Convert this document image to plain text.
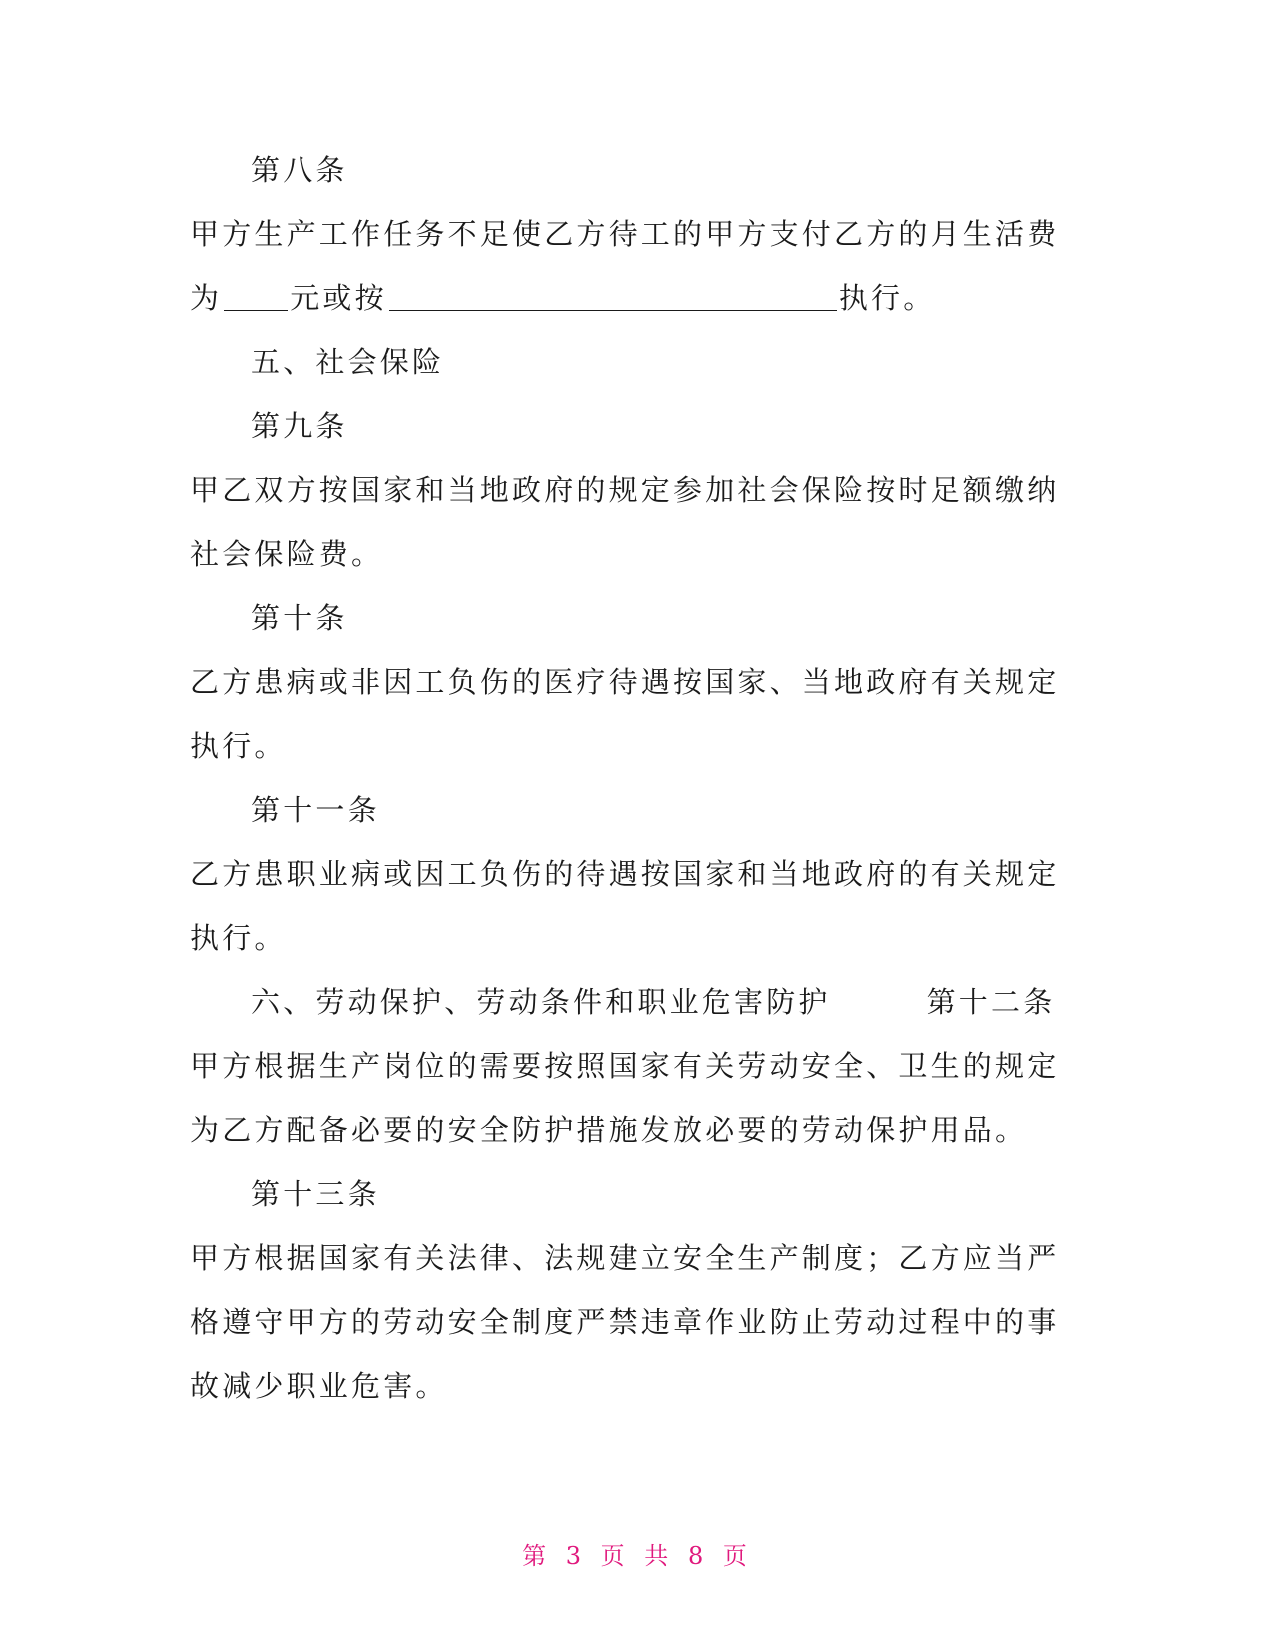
第八条
甲方生产工作任务不足使乙方待工的甲方支付乙方的月生活费
为 元或按	执行。
五、社会保险
第九条
甲乙双方按国家和当地政府的规定参加社会保险按时足额缴纳
社会保险费。
第十条
乙方患病或非因工负伤的医疗待遇按国家、当地政府有关规定
执行。
第十一条
乙方患职业病或因工负伤的待遇按国家和当地政府的有关规定
执行。
六、劳动保护、劳动条件和职业危害防护	第十二条
甲方根据生产岗位的需要按照国家有关劳动安全、卫生的规定
为乙方配备必要的安全防护措施发放必要的劳动保护用品。
第十三条
甲方根据国家有关法律、法规建立安全生产制度；乙方应当严
格遵守甲方的劳动安全制度严禁违章作业防止劳动过程中的事
故减少职业危害。
第 3 页 共 8 页
